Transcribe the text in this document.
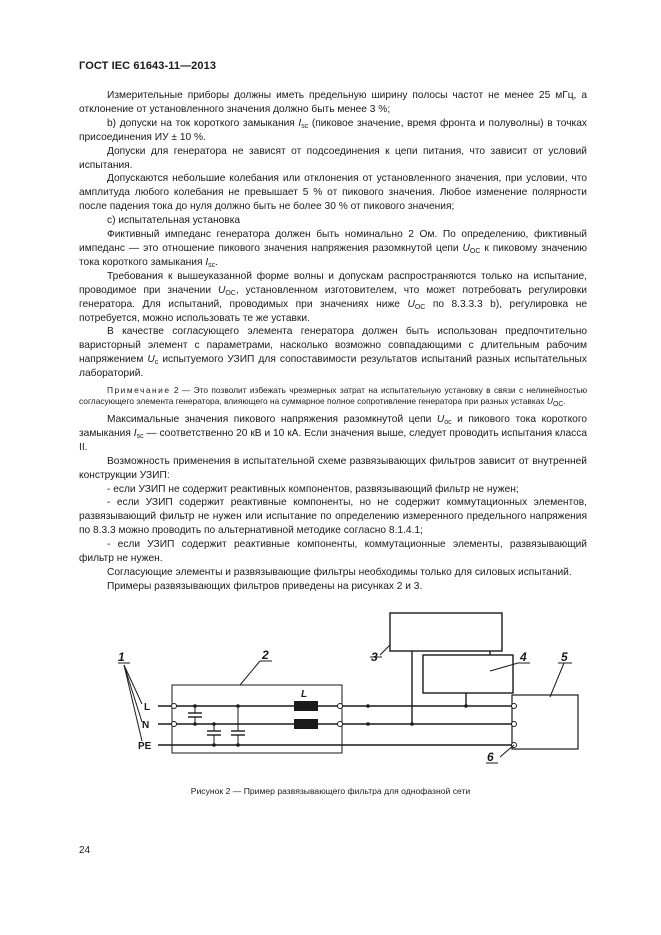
ГОСТ IEC 61643-11—2013

Измерительные приборы должны иметь предельную ширину полосы частот не менее 25 мГц, а отклонение от установленного значения должно быть менее 3 %;

b) допуски на ток короткого замыкания $I_{sc}$ (пиковое значение, время фронта и полуволны) в точках присоединения ИУ ± 10 %.

Допуски для генератора не зависят от подсоединения к цепи питания, что зависит от условий испытания.

Допускаются небольшие колебания или отклонения от установленного значения, при условии, что амплитуда любого колебания не превышает 5 % от пикового значения. Любое изменение полярности после падения тока до нуля должно быть не более 30 % от пикового значения;

с) испытательная установка

Фиктивный импеданс генератора должен быть номинально 2 Ом. По определению, фиктивный импеданс — это отношение пикового значения напряжения разомкнутой цепи $U_{OC}$ к пиковому значению тока короткого замыкания $I_{sc}$.

Требования к вышеуказанной форме волны и допускам распространяются только на испытание, проводимое при значении $U_{OC}$, установленном изготовителем, что может потребовать регулировки генератора. Для испытаний, проводимых при значениях ниже $U_{OC}$ по 8.3.3.3 b), регулировка не потребуется, можно использовать те же уставки.

В качестве согласующего элемента генератора должен быть использован предпочтительно варисторный элемент с параметрами, насколько возможно совпадающими с длительным рабочим напряжением $U_c$ испытуемого УЗИП для сопоставимости результатов испытаний разных испытательных лабораторий.

Примечание 2 — Это позволит избежать чрезмерных затрат на испытательную установку в связи с нелинейностью согласующего элемента генератора, влияющего на суммарное полное сопротивление генератора при разных уставках $U_{OC}$.

Максимальные значения пикового напряжения разомкнутой цепи $U_{oc}$ и пикового тока короткого замыкания $I_{sc}$ — соответственно 20 кВ и 10 кА. Если значения выше, следует проводить испытания класса II.

Возможность применения в испытательной схеме развязывающих фильтров зависит от внутренней конструкции УЗИП:

- если УЗИП не содержит реактивных компонентов, развязывающий фильтр не нужен;

- если УЗИП содержит реактивные компоненты, но не содержит коммутационных элементов, развязывающий фильтр не нужен или испытание по определению измеренного предельного напряжения по 8.3.3 можно проводить по альтернативной методике согласно 8.1.4.1;

- если УЗИП содержит реактивные компоненты, коммутационные элементы, развязывающий фильтр не нужен.

Согласующие элементы и развязывающие фильтры необходимы только для силовых испытаний.

Примеры развязывающих фильтров приведены на рисунках 2 и 3.

1	2	3	4	5
6
L
N
PE
L
Рисунок 2 — Пример развязывающего фильтра для однофазной сети
24
